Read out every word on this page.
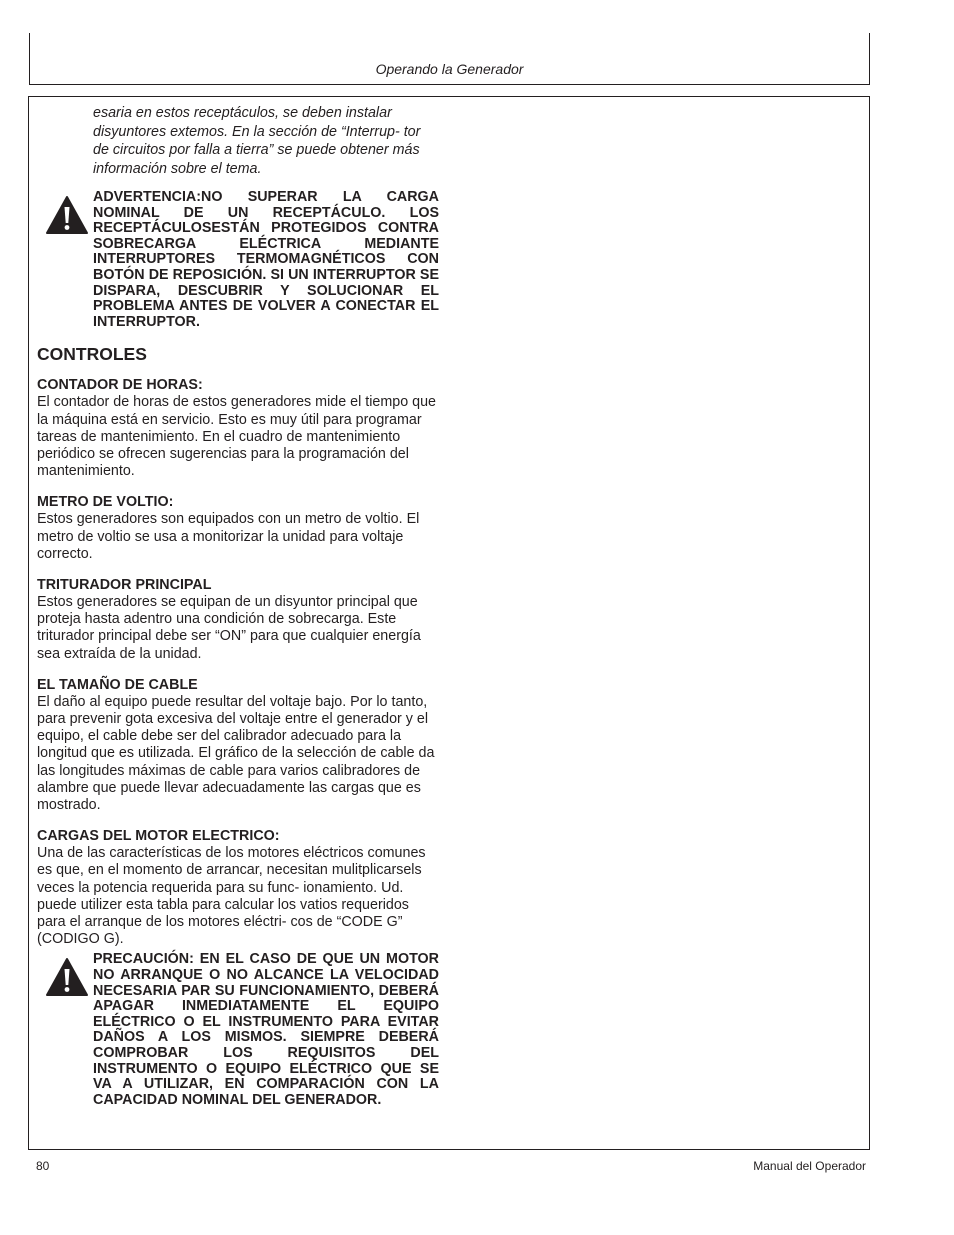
Operando la Generador
esaria en estos receptáculos, se deben instalar disyuntores extemos. En la sección de “Interrup- tor de circuitos por falla a tierra” se puede obtener más información sobre el tema.
ADVERTENCIA:NO SUPERAR LA CARGA NOMINAL DE UN RECEPTÁCULO. LOS RECEPTÁCULOSESTÁN PROTEGIDOS CONTRA SOBRECARGA ELÉCTRICA MEDIANTE INTERRUPTORES TERMOMAGNÉTICOS CON BOTÓN DE REPOSICIÓN. SI UN INTERRUPTOR SE DISPARA, DESCUBRIR Y SOLUCIONAR EL PROBLEMA ANTES DE VOLVER A CONECTAR EL INTERRUPTOR.
CONTROLES
CONTADOR DE HORAS:
El contador de horas de estos generadores mide el tiempo que la máquina está en servicio. Esto es muy útil para programar tareas de mantenimiento. En el cuadro de mantenimiento periódico se ofrecen sugerencias para la programación del mantenimiento.
METRO DE VOLTIO:
Estos generadores son equipados con un metro de voltio. El metro de voltio se usa a monitorizar la unidad para voltaje correcto.
TRITURADOR PRINCIPAL
Estos generadores se equipan de un disyuntor principal que proteja hasta adentro una condición de sobrecarga. Este triturador principal debe ser “ON” para que cualquier energía sea extraída de la unidad.
EL TAMAÑO DE CABLE
El daño al equipo puede resultar del voltaje bajo. Por lo tanto, para prevenir gota excesiva del voltaje entre el generador y el equipo, el cable debe ser del calibrador adecuado para la longitud que es utilizada. El gráfico de la selección de cable da las longitudes máximas de cable para varios calibradores de alambre que puede llevar adecuadamente las cargas que es mostrado.
CARGAS DEL MOTOR ELECTRICO:
Una de las características de los motores eléctricos comunes es que, en el momento de arrancar, necesitan mulitplicarsels veces la potencia requerida para su func- ionamiento. Ud. puede utilizer esta tabla para calcular los vatios requeridos para el arranque de los motores eléctri- cos de “CODE G” (CODIGO G).
PRECAUCIÓN: EN EL CASO DE QUE UN MOTOR NO ARRANQUE O NO ALCANCE LA VELOCIDAD NECESARIA PAR SU FUNCIONAMIENTO, DEBERÁ APAGAR INMEDIATAMENTE EL EQUIPO ELÉCTRICO O EL INSTRUMENTO PARA EVITAR DAÑOS A LOS MISMOS. SIEMPRE DEBERÁ COMPROBAR LOS REQUISITOS DEL INSTRUMENTO O EQUIPO ELÉCTRICO QUE SE VA A UTILIZAR, EN COMPARACIÓN CON LA CAPACIDAD NOMINAL DEL GENERADOR.
80	Manual del Operador
